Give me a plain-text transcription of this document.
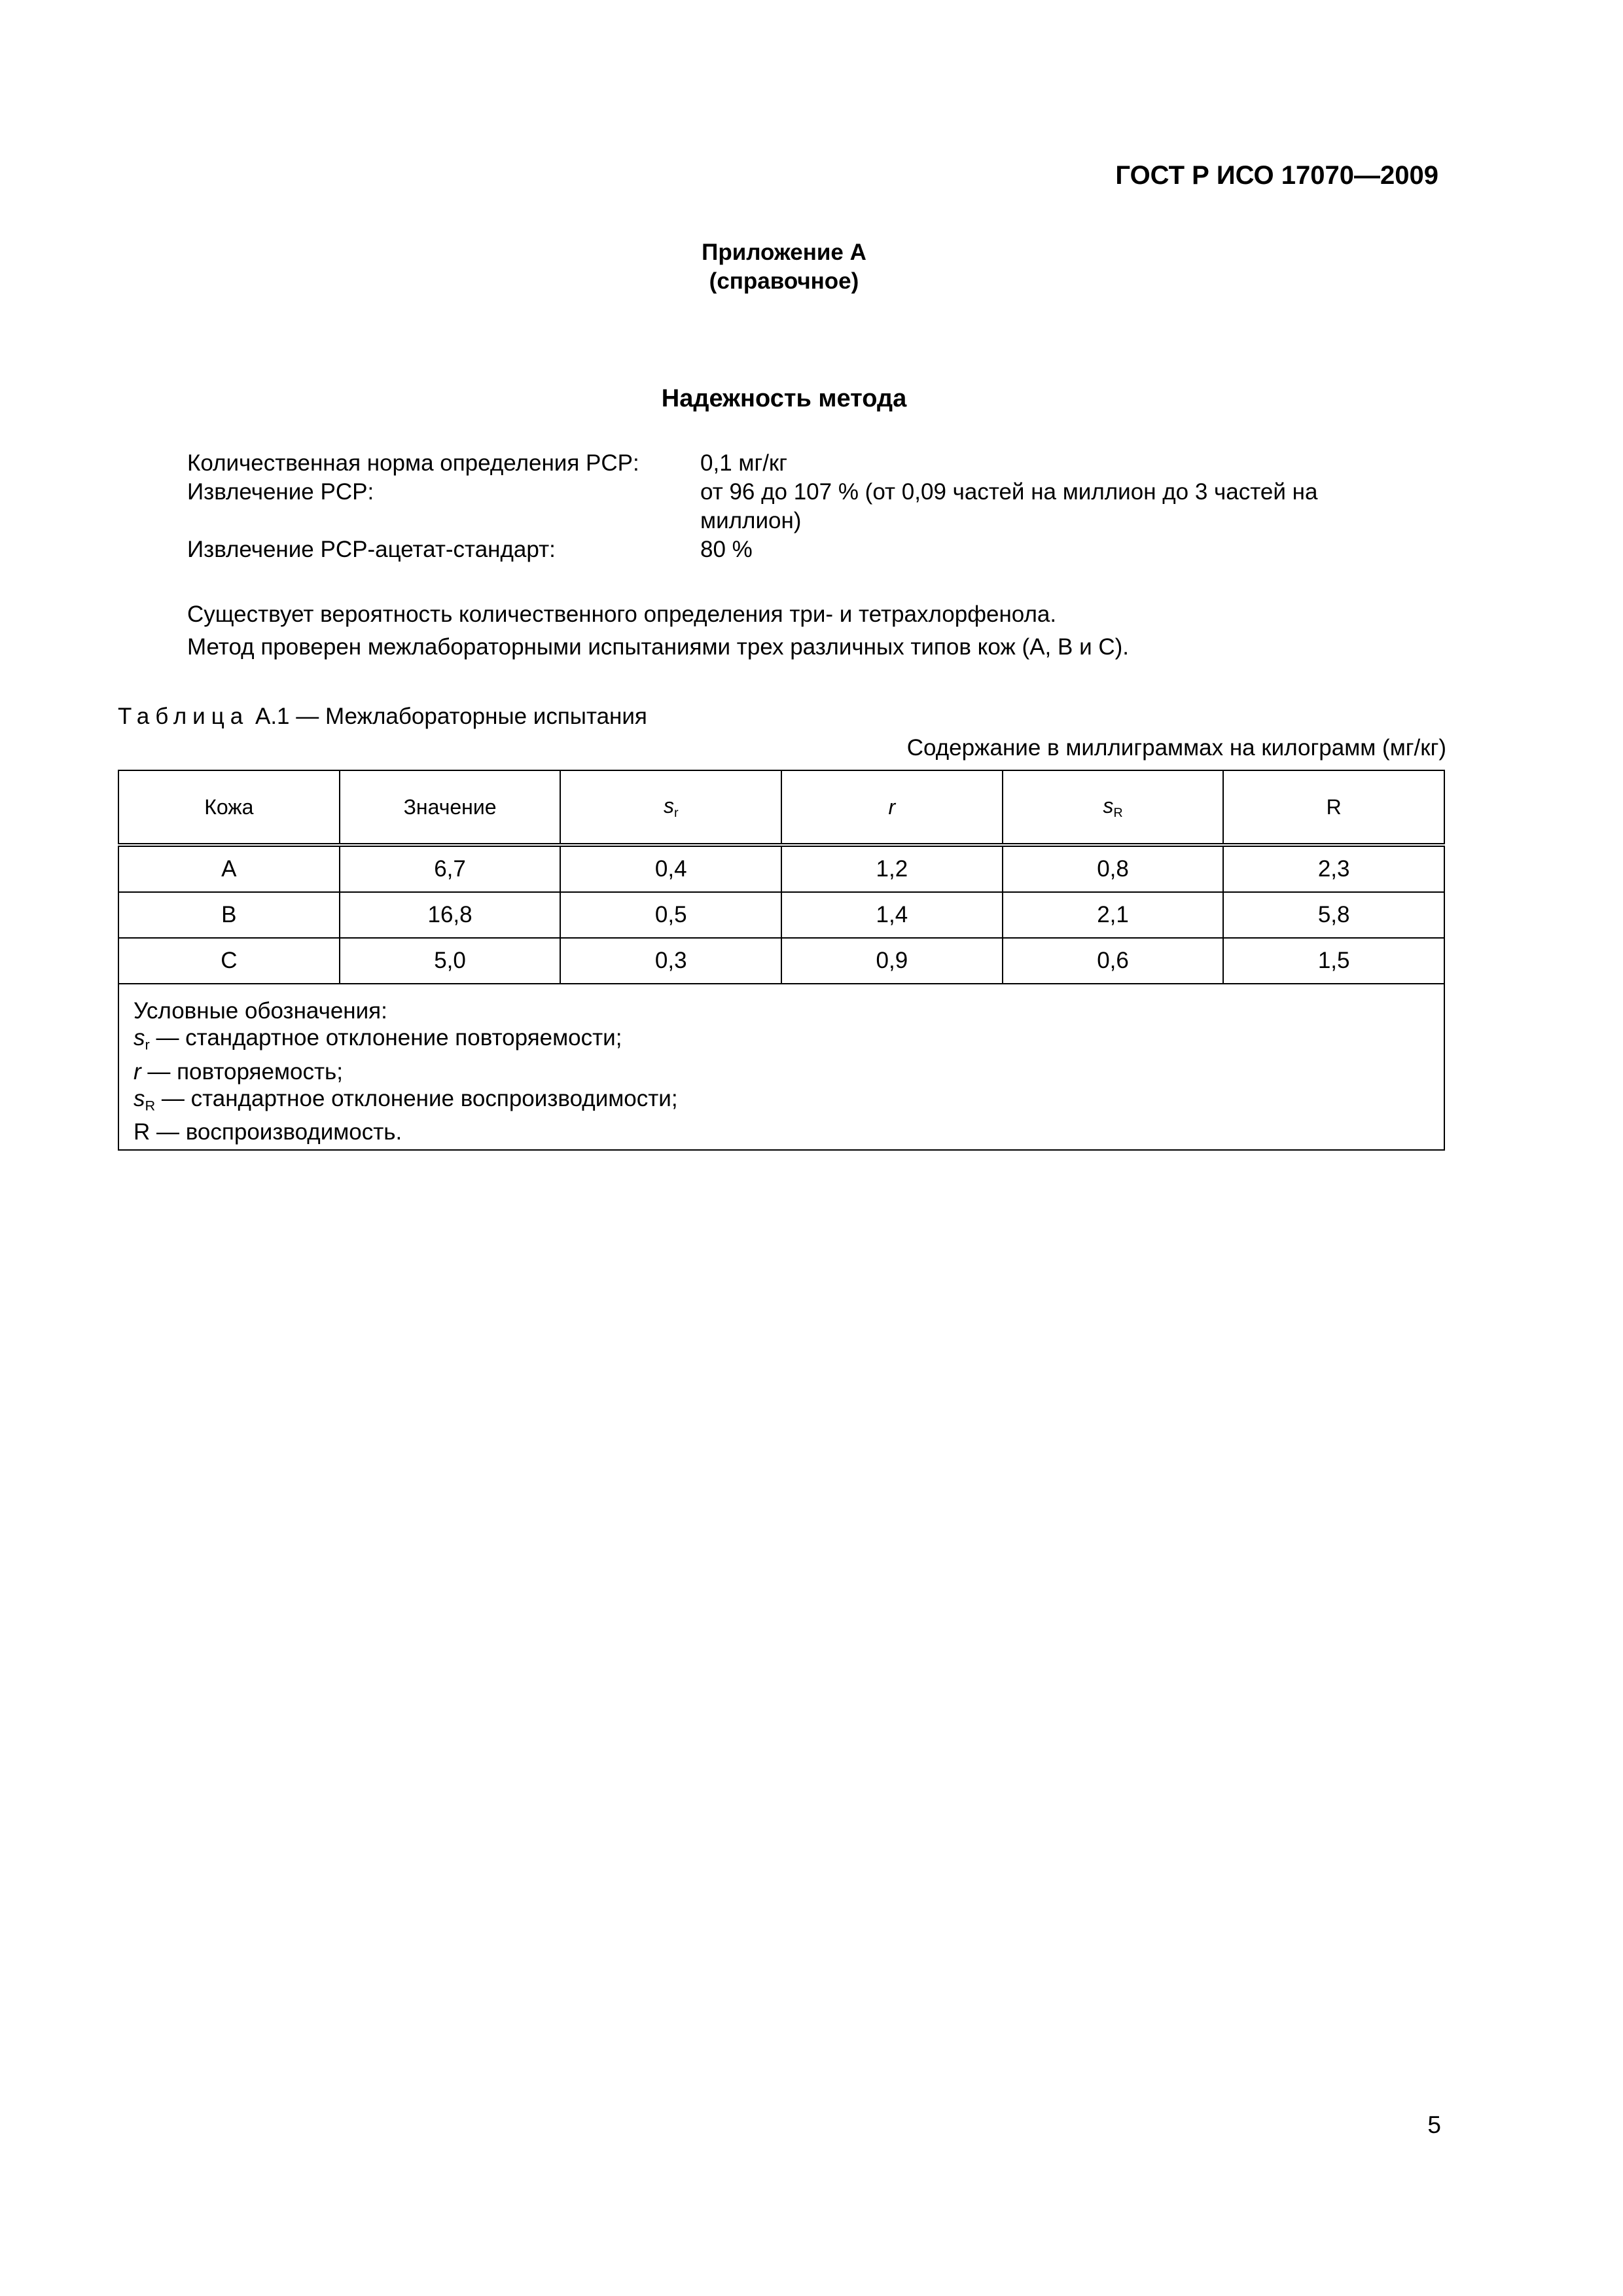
ГОСТ Р ИСО 17070—2009
Приложение А
(справочное)
Надежность метода
Количественная норма определения PCP:	0,1 мг/кг
Извлечение PCP:	от 96 до 107 % (от 0,09 частей на миллион до 3 частей на миллион)
Извлечение PCP-ацетат-стандарт:	80 %
Существует вероятность количественного определения три- и тетрахлорфенола.
Метод проверен межлабораторными испытаниями трех различных типов кож (А, В и С).
Таблица А.1 — Межлабораторные испытания
Содержание в миллиграммах на килограмм (мг/кг)
Кожа	Значение	$s_r$	r	$s_R$	R
А	6,7	0,4	1,2	0,8	2,3
В	16,8	0,5	1,4	2,1	5,8
С	5,0	0,3	0,9	0,6	1,5

Условные обозначения:
$s_r$ — стандартное отклонение повторяемости;
r — повторяемость;
$s_R$ — стандартное отклонение воспроизводимости;
R — воспроизводимость.					
5
